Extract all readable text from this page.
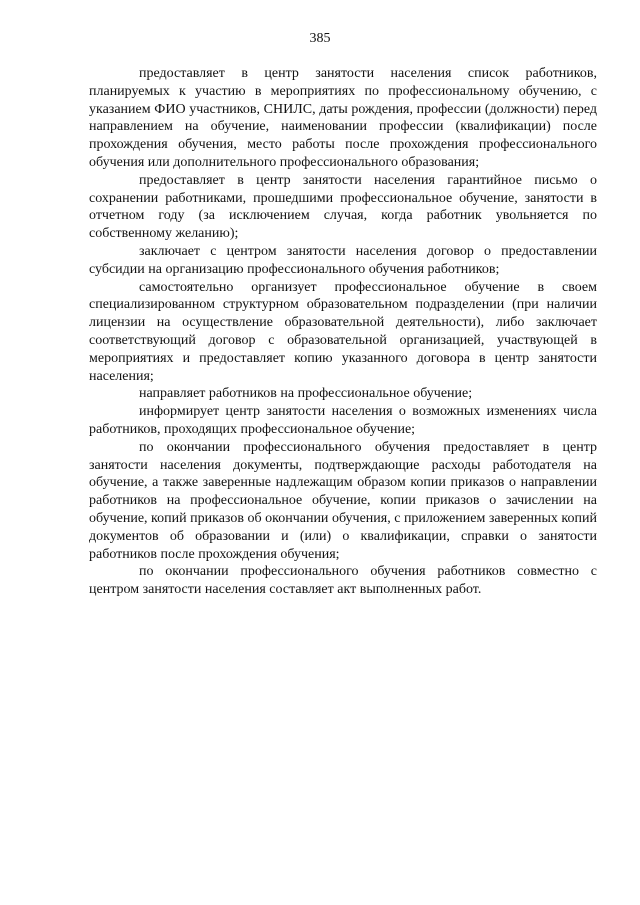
385

предоставляет в центр занятости населения список работников, планируемых к участию в мероприятиях по профессиональному обучению, с указанием ФИО участников, СНИЛС, даты рождения, профессии (должности) перед направлением на обучение, наименовании профессии (квалификации) после прохождения обучения, место работы после прохождения профессионального обучения или дополнительного профессионального образования;

предоставляет в центр занятости населения гарантийное письмо о сохранении работниками, прошедшими профессиональное обучение, занятости в отчетном году (за исключением случая, когда работник увольняется по собственному желанию);

заключает с центром занятости населения договор о предоставлении субсидии на организацию профессионального обучения работников;

самостоятельно организует профессиональное обучение в своем специализированном структурном образовательном подразделении (при наличии лицензии на осуществление образовательной деятельности), либо заключает соответствующий договор с образовательной организацией, участвующей в мероприятиях и предоставляет копию указанного договора в центр занятости населения;

направляет работников на профессиональное обучение;

информирует центр занятости населения о возможных изменениях числа работников, проходящих профессиональное обучение;

по окончании профессионального обучения предоставляет в центр занятости населения документы, подтверждающие расходы работодателя на обучение, а также заверенные надлежащим образом копии приказов о направлении работников на профессиональное обучение, копии приказов о зачислении на обучение, копий приказов об окончании обучения, с приложением заверенных копий документов об образовании и (или) о квалификации, справки о занятости работников после прохождения обучения;

по окончании профессионального обучения работников совместно с центром занятости населения составляет акт выполненных работ.
